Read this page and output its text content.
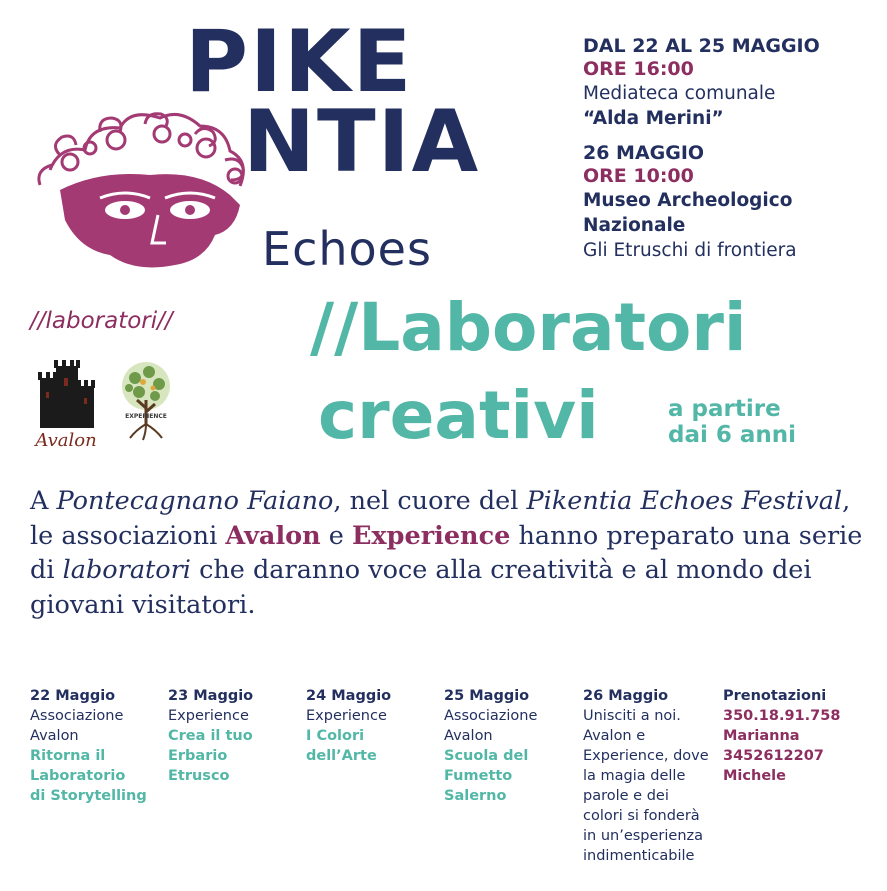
PIKE
NTIA
Echoes
DAL 22 AL 25 MAGGIO
ORE 16:00
Mediateca comunale
“Alda Merini”
26 MAGGIO
ORE 10:00
Museo Archeologico
Nazionale
Gli Etruschi di frontiera
//laboratori//
Avalon
EXPERIENCE
//Laboratori
creativi	a partire
dai 6 anni
A Pontecagnano Faiano, nel cuore del Pikentia Echoes Festival, le associazioni Avalon e Experience hanno preparato una serie di laboratori che daranno voce alla creatività e al mondo dei giovani visitatori.
22 Maggio
Associazione
Avalon
Ritorna il
Laboratorio
di Storytelling
23 Maggio
Experience
Crea il tuo
Erbario
Etrusco
24 Maggio
Experience
I Colori
dell’Arte
25 Maggio
Associazione
Avalon
Scuola del
Fumetto
Salerno
26 Maggio
Unisciti a noi.
Avalon e
Experience, dove
la magia delle
parole e dei
colori si fonderà
in un’esperienza
indimenticabile
Prenotazioni
350.18.91.758
Marianna
3452612207
Michele
